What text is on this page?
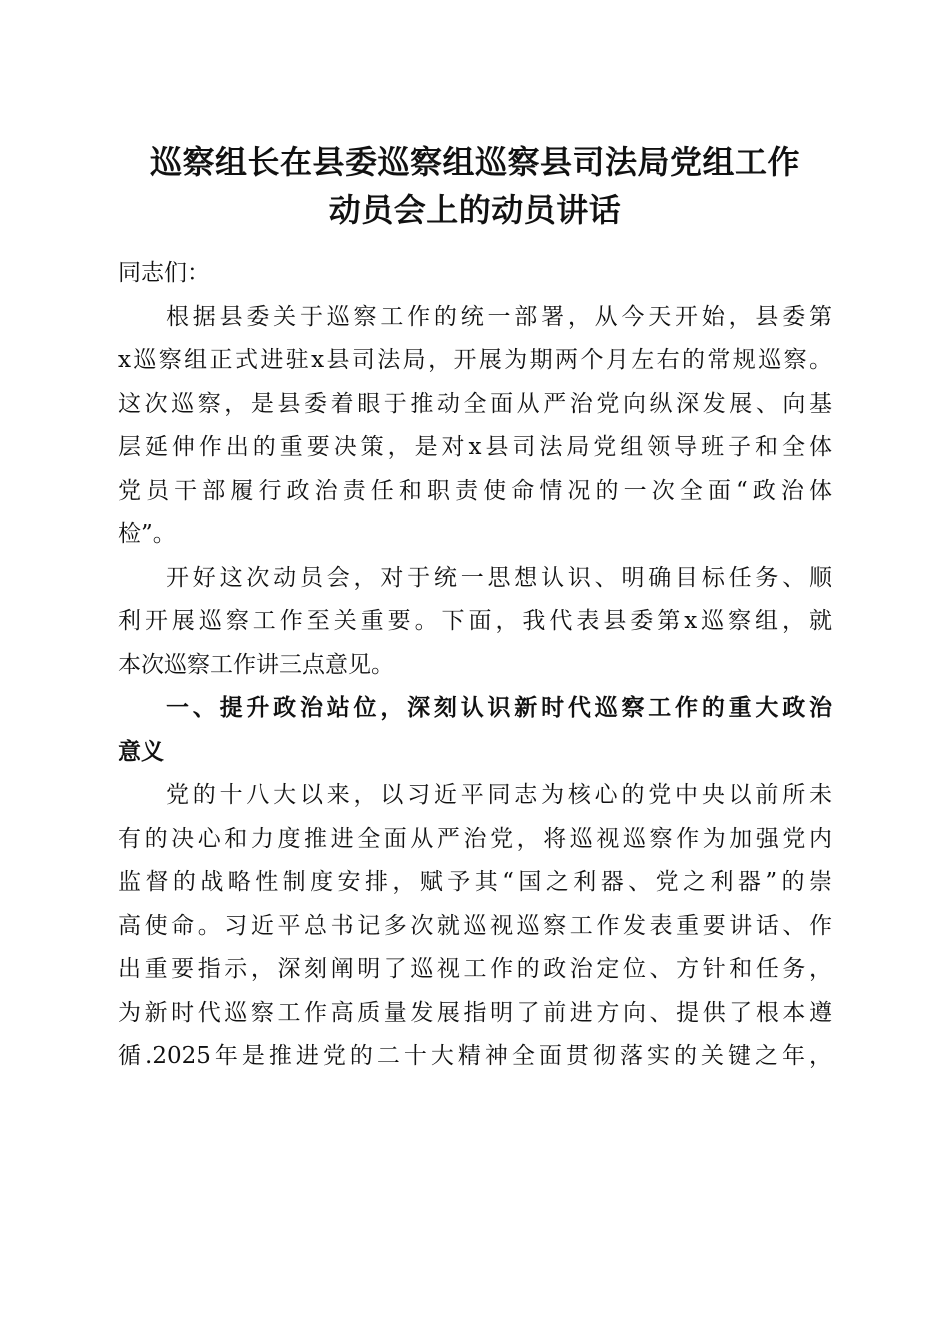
巡察组长在县委巡察组巡察县司法局党组工作
动员会上的动员讲话
同志们：
根据县委关于巡察工作的统一部署，从今天开始，县委第
x巡察组正式进驻x县司法局，开展为期两个月左右的常规巡察。
这次巡察，是县委着眼于推动全面从严治党向纵深发展、向基
层延伸作出的重要决策，是对x县司法局党组领导班子和全体
党员干部履行政治责任和职责使命情况的一次全面“政治体
检”。
开好这次动员会，对于统一思想认识、明确目标任务、顺
利开展巡察工作至关重要。下面，我代表县委第x巡察组，就
本次巡察工作讲三点意见。
一、提升政治站位，深刻认识新时代巡察工作的重大政治
意义
党的十八大以来，以习近平同志为核心的党中央以前所未
有的决心和力度推进全面从严治党，将巡视巡察作为加强党内
监督的战略性制度安排，赋予其“国之利器、党之利器”的崇
高使命。习近平总书记多次就巡视巡察工作发表重要讲话、作
出重要指示，深刻阐明了巡视工作的政治定位、方针和任务，
为新时代巡察工作高质量发展指明了前进方向、提供了根本遵
循.2025年是推进党的二十大精神全面贯彻落实的关键之年，
